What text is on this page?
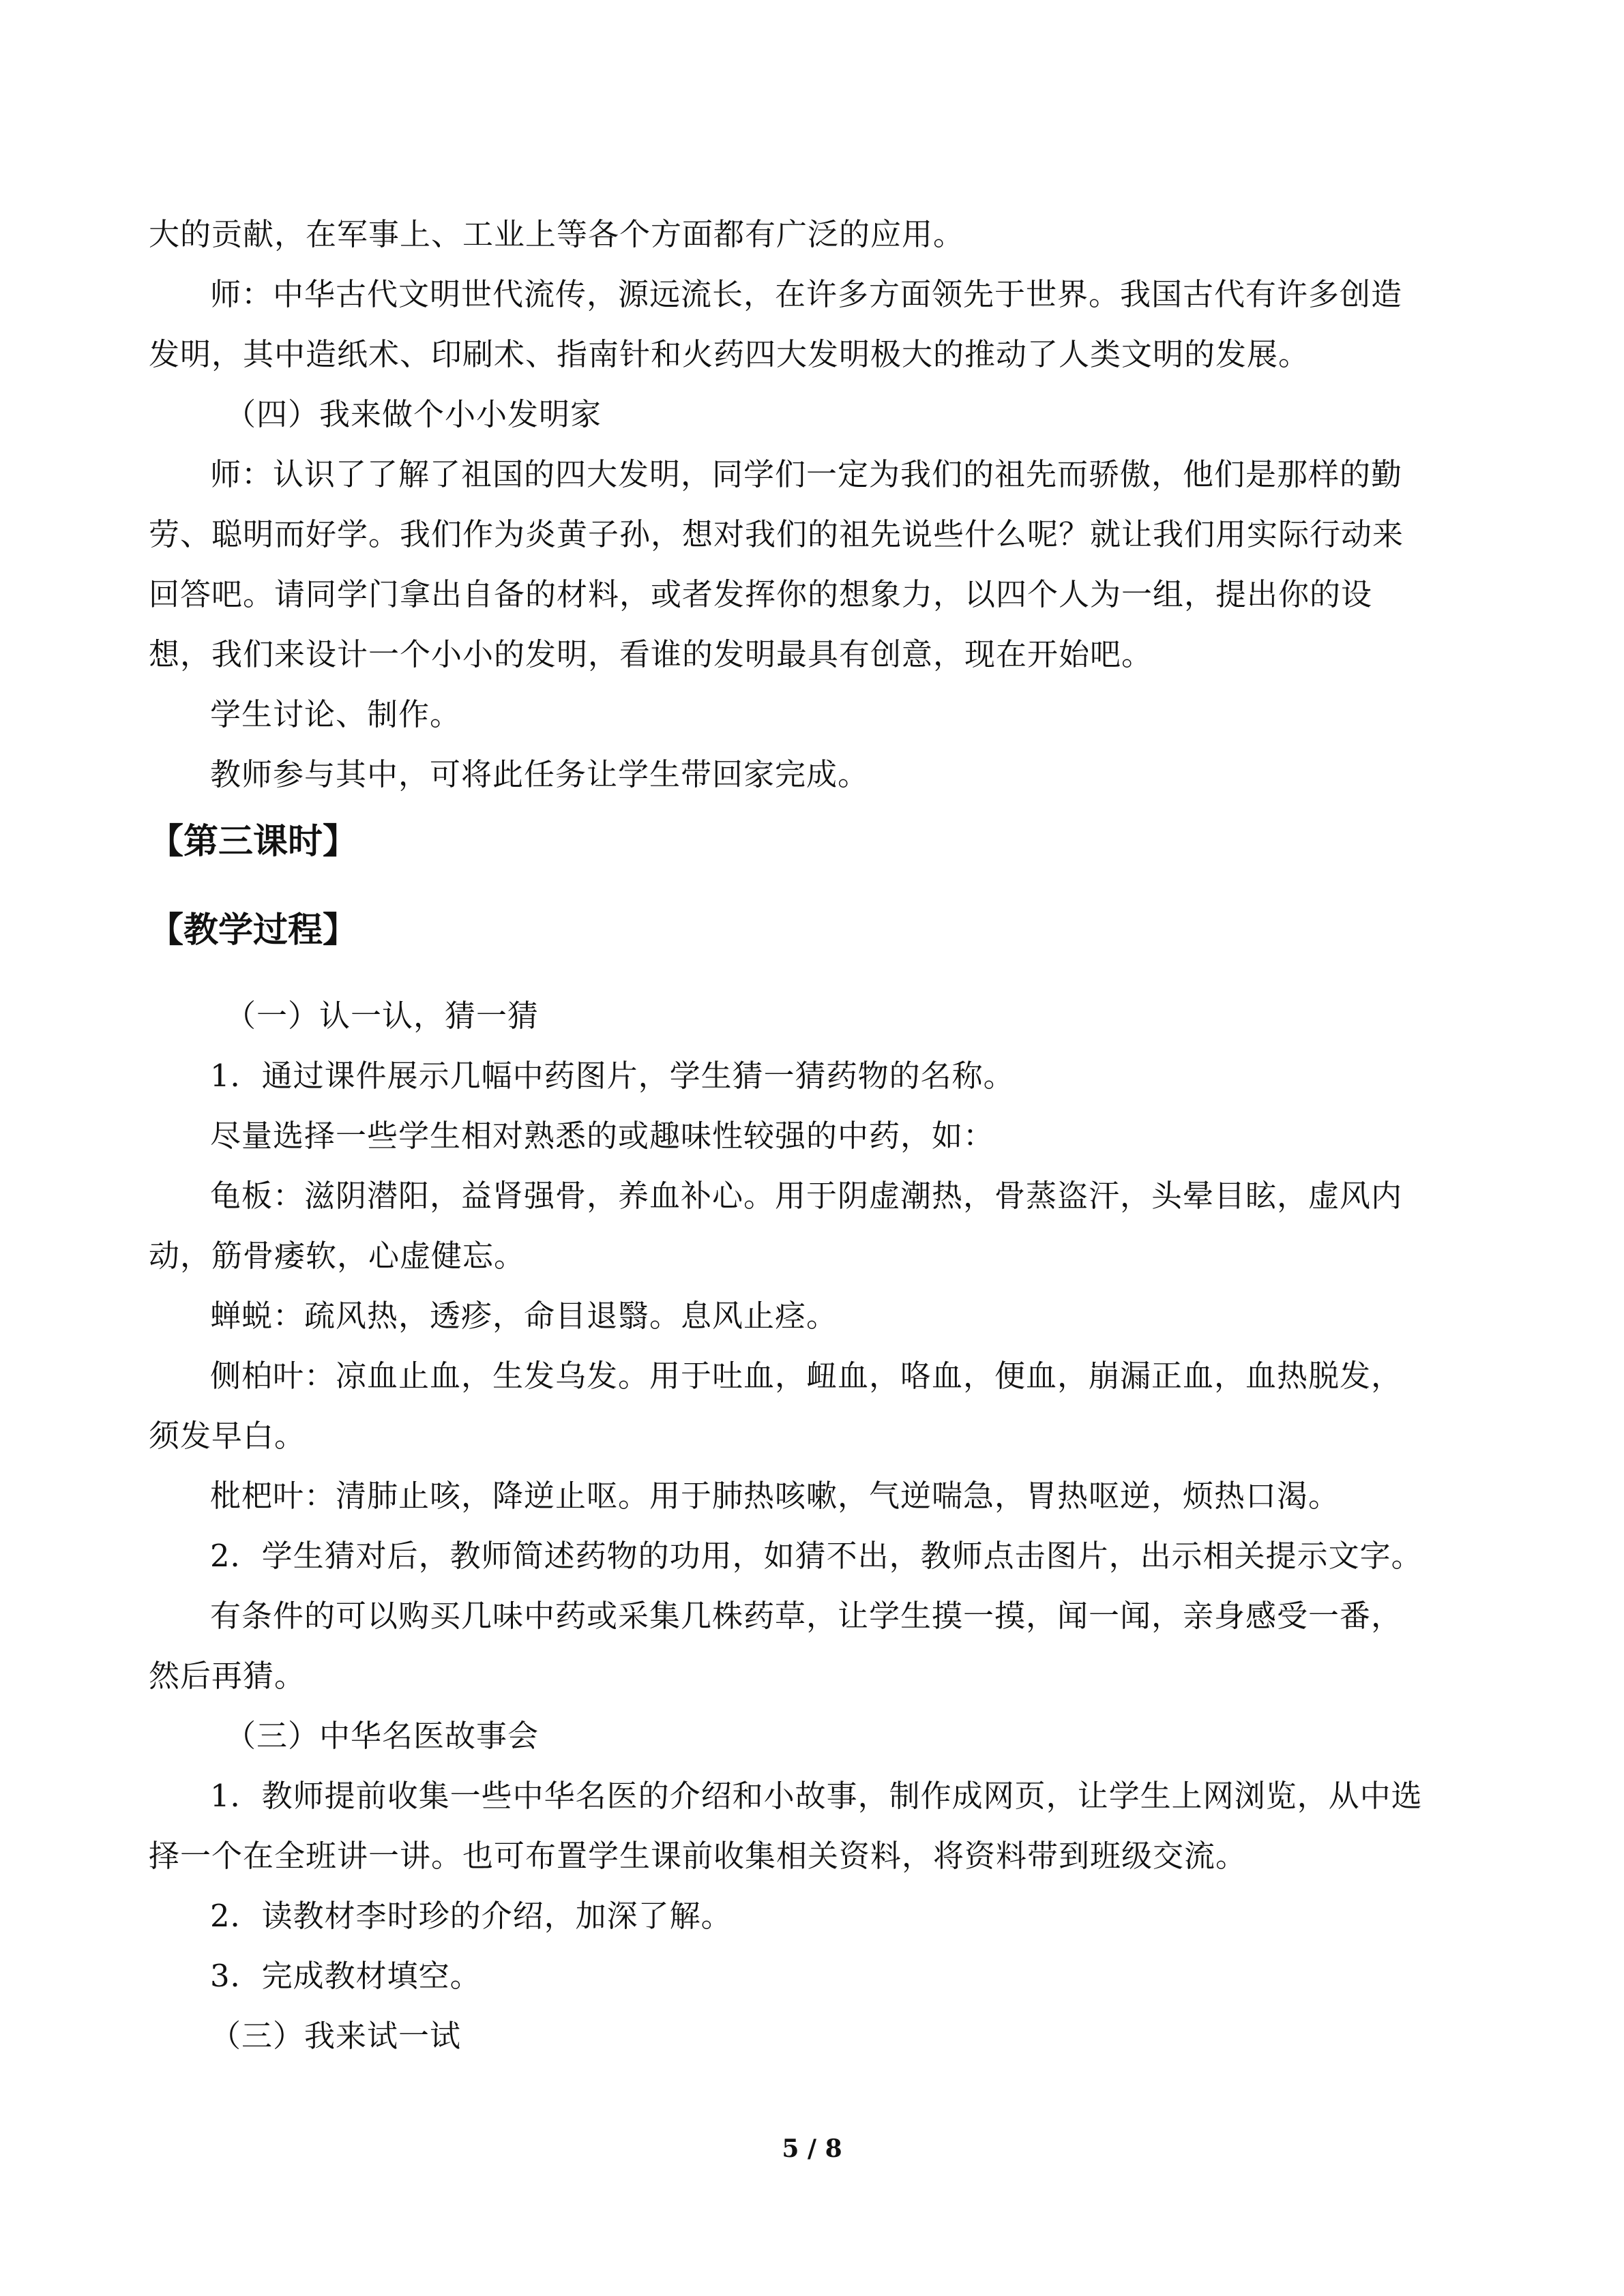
大的贡献，在军事上、工业上等各个方面都有广泛的应用。
师：中华古代文明世代流传，源远流长，在许多方面领先于世界。我国古代有许多创造
发明，其中造纸术、印刷术、指南针和火药四大发明极大的推动了人类文明的发展。
（四）我来做个小小发明家
师：认识了了解了祖国的四大发明，同学们一定为我们的祖先而骄傲，他们是那样的勤
劳、聪明而好学。我们作为炎黄子孙，想对我们的祖先说些什么呢？就让我们用实际行动来
回答吧。请同学门拿出自备的材料，或者发挥你的想象力，以四个人为一组，提出你的设
想，我们来设计一个小小的发明，看谁的发明最具有创意，现在开始吧。
学生讨论、制作。
教师参与其中，可将此任务让学生带回家完成。
【第三课时】
【教学过程】
（一）认一认，猜一猜
1．通过课件展示几幅中药图片，学生猜一猜药物的名称。
尽量选择一些学生相对熟悉的或趣味性较强的中药，如：
龟板：滋阴潜阳，益肾强骨，养血补心。用于阴虚潮热，骨蒸盗汗，头晕目眩，虚风内
动，筋骨痿软，心虚健忘。
蝉蜕：疏风热，透疹，命目退翳。息风止痉。
侧柏叶：凉血止血，生发乌发。用于吐血，衄血，咯血，便血，崩漏正血，血热脱发，
须发早白。
枇杷叶：清肺止咳，降逆止呕。用于肺热咳嗽，气逆喘急，胃热呕逆，烦热口渴。
2．学生猜对后，教师简述药物的功用，如猜不出，教师点击图片，出示相关提示文字。
有条件的可以购买几味中药或采集几株药草，让学生摸一摸，闻一闻，亲身感受一番，
然后再猜。
（三）中华名医故事会
1．教师提前收集一些中华名医的介绍和小故事，制作成网页，让学生上网浏览，从中选
择一个在全班讲一讲。也可布置学生课前收集相关资料，将资料带到班级交流。
2．读教材李时珍的介绍，加深了解。
3．完成教材填空。
（三）我来试一试
5 / 8
